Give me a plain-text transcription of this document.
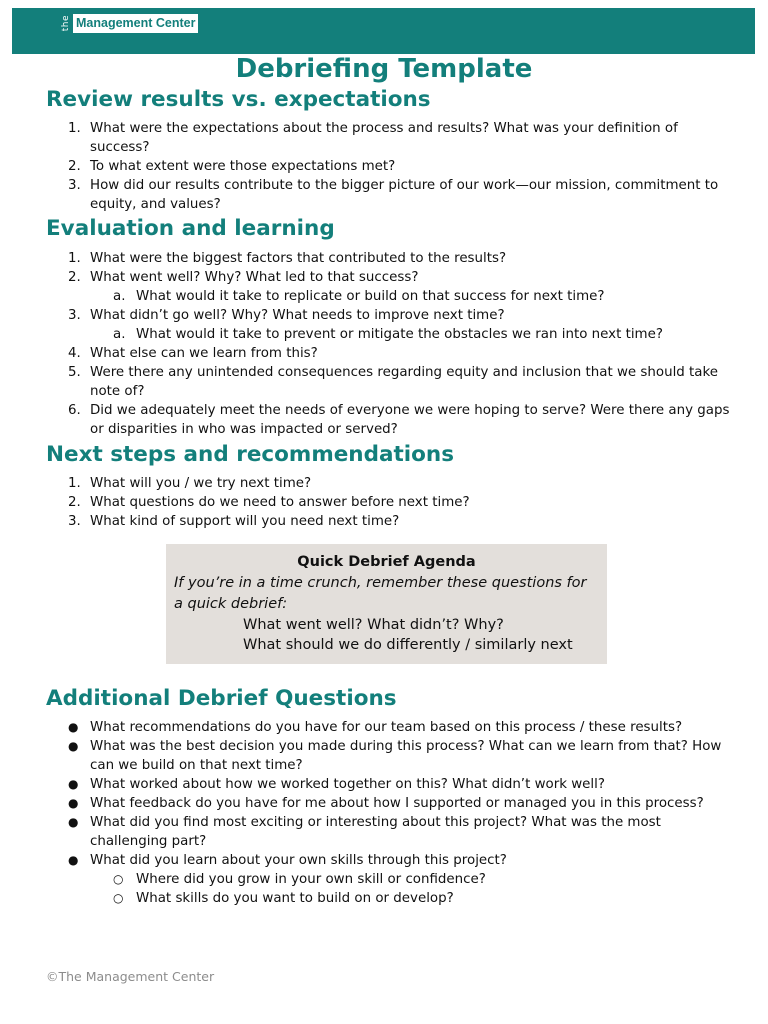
the Management Center
Debriefing Template
Review results vs. expectations
1. What were the expectations about the process and results? What was your definition of success?
2. To what extent were those expectations met?
3. How did our results contribute to the bigger picture of our work—our mission, commitment to equity, and values?
Evaluation and learning
1. What were the biggest factors that contributed to the results?
2. What went well? Why? What led to that success?
a. What would it take to replicate or build on that success for next time?
3. What didn’t go well? Why? What needs to improve next time?
a. What would it take to prevent or mitigate the obstacles we ran into next time?
4. What else can we learn from this?
5. Were there any unintended consequences regarding equity and inclusion that we should take note of?
6. Did we adequately meet the needs of everyone we were hoping to serve? Were there any gaps or disparities in who was impacted or served?
Next steps and recommendations
1. What will you / we try next time?
2. What questions do we need to answer before next time?
3. What kind of support will you need next time?
Quick Debrief Agenda
If you’re in a time crunch, remember these questions for a quick debrief:
What went well? What didn’t? Why?
What should we do differently / similarly next
Additional Debrief Questions
● What recommendations do you have for our team based on this process / these results?
● What was the best decision you made during this process? What can we learn from that? How can we build on that next time?
● What worked about how we worked together on this? What didn’t work well?
● What feedback do you have for me about how I supported or managed you in this process?
● What did you find most exciting or interesting about this project? What was the most challenging part?
● What did you learn about your own skills through this project?
○ Where did you grow in your own skill or confidence?
○ What skills do you want to build on or develop?
©The Management Center
